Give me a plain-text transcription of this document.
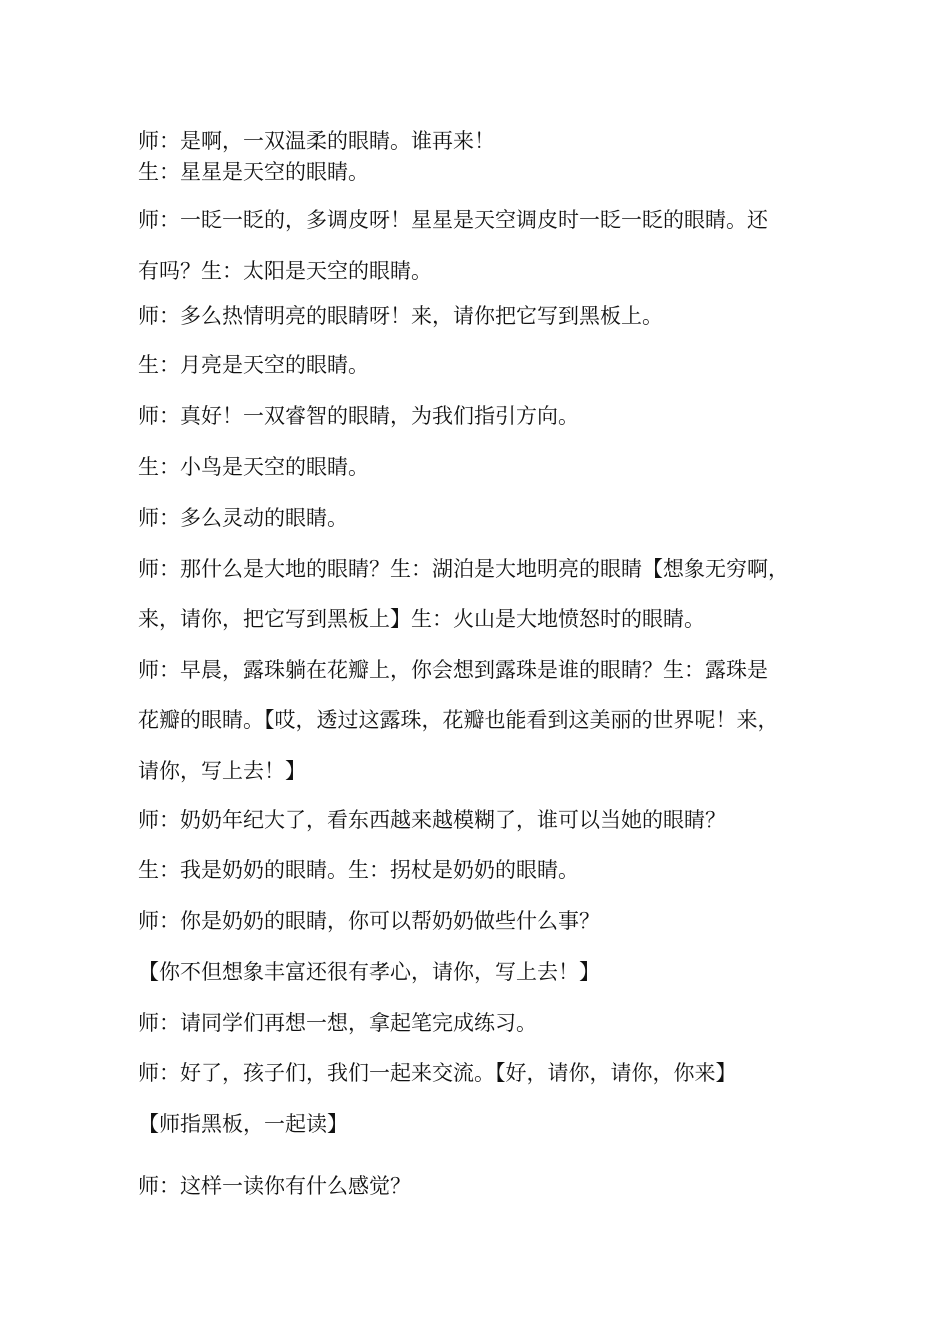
师：是啊，一双温柔的眼睛。谁再来！
生：星星是天空的眼睛。
师：一眨一眨的，多调皮呀！星星是天空调皮时一眨一眨的眼睛。还
有吗？生：太阳是天空的眼睛。
师：多么热情明亮的眼睛呀！来，请你把它写到黑板上。
生：月亮是天空的眼睛。
师：真好！一双睿智的眼睛，为我们指引方向。
生：小鸟是天空的眼睛。
师：多么灵动的眼睛。
师：那什么是大地的眼睛？生：湖泊是大地明亮的眼睛【想象无穷啊，
来，请你，把它写到黑板上】生：火山是大地愤怒时的眼睛。
师：早晨，露珠躺在花瓣上，你会想到露珠是谁的眼睛？生：露珠是
花瓣的眼睛。【哎，透过这露珠，花瓣也能看到这美丽的世界呢！来，
请你，写上去！】
师：奶奶年纪大了，看东西越来越模糊了，谁可以当她的眼睛？
生：我是奶奶的眼睛。生：拐杖是奶奶的眼睛。
师：你是奶奶的眼睛，你可以帮奶奶做些什么事？
【你不但想象丰富还很有孝心，请你，写上去！】
师：请同学们再想一想，拿起笔完成练习。
师：好了，孩子们，我们一起来交流。【好，请你，请你，你来】
【师指黑板，一起读】
师：这样一读你有什么感觉？
